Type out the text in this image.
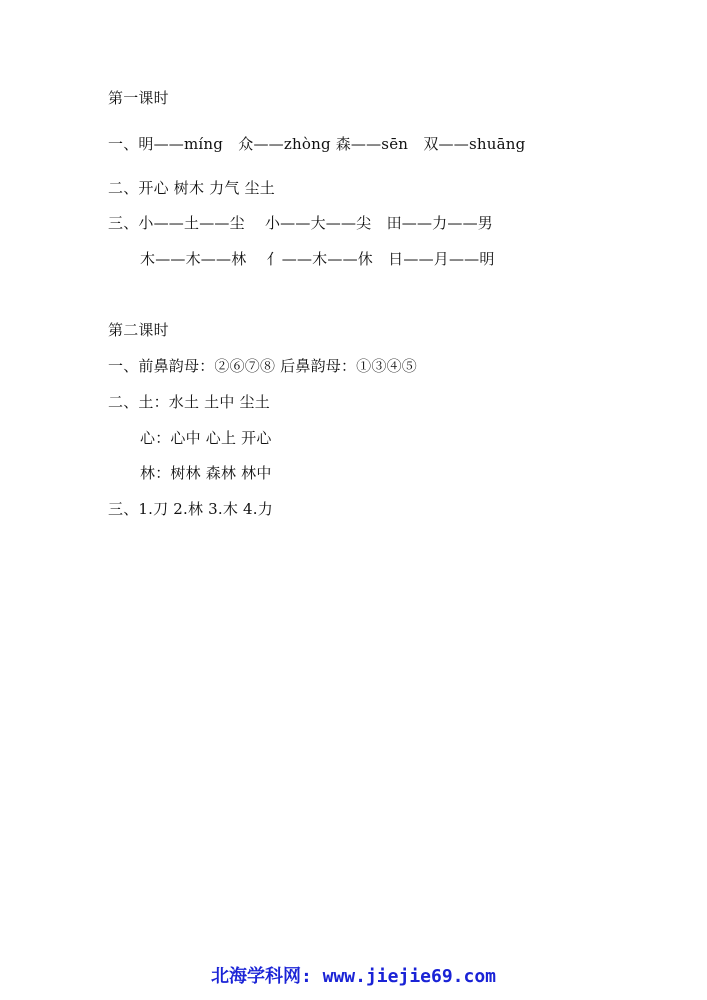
第一课时
一、明——míng　众——zhòng 森——sēn　双——shuāng
二、开心 树木 力气 尘土
三、小——土——尘　 小——大——尖　田——力——男
木——木——林　 亻——木——休　日——月——明
第二课时
一、前鼻韵母：②⑥⑦⑧ 后鼻韵母：①③④⑤
二、土：水土 土中 尘土
心：心中 心上 开心
林：树林 森林 林中
三、1.刀 2.林 3.木 4.力
北海学科网: www.jiejie69.com
